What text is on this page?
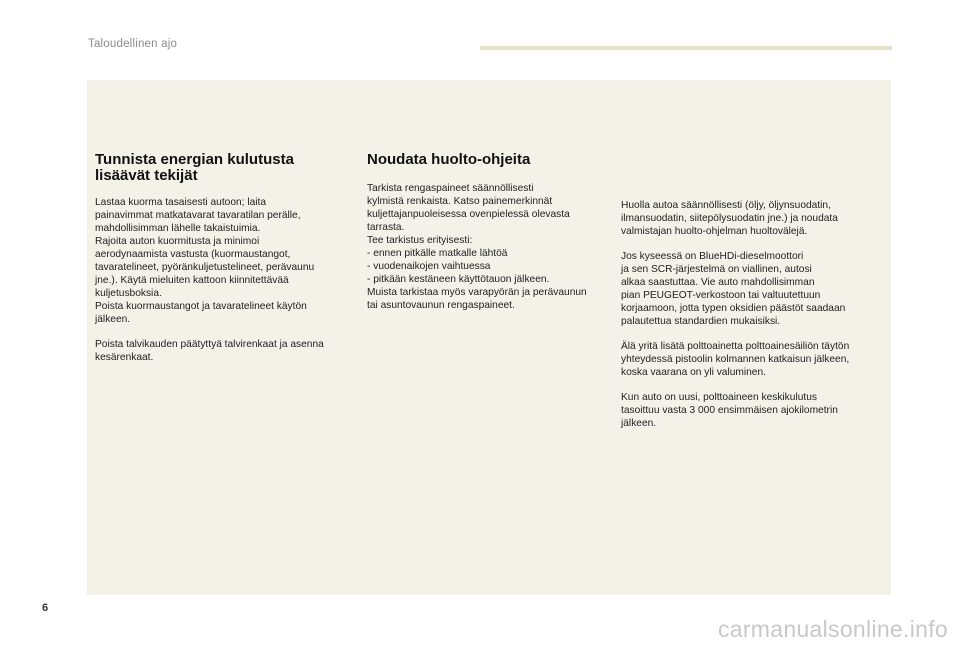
Taloudellinen ajo
Tunnista energian kulutusta
lisäävät tekijät

Lastaa kuorma tasaisesti autoon; laita
painavimmat matkatavarat tavaratilan perälle,
mahdollisimman lähelle takaistuimia.
Rajoita auton kuormitusta ja minimoi
aerodynaamista vastusta (kuormaustangot,
tavaratelineet, pyöränkuljetustelineet, perävaunu
jne.). Käytä mieluiten kattoon kiinnitettävää
kuljetusboksia.
Poista kuormaustangot ja tavaratelineet käytön
jälkeen.

Poista talvikauden päätyttyä talvirenkaat ja asenna
kesärenkaat.

Noudata huolto-ohjeita

Tarkista rengaspaineet säännöllisesti
kylmistä renkaista. Katso painemerkinnät
kuljettajanpuoleisessa ovenpielessä olevasta
tarrasta.
Tee tarkistus erityisesti:
- ennen pitkälle matkalle lähtöä
- vuodenaikojen vaihtuessa
- pitkään kestäneen käyttötauon jälkeen.
Muista tarkistaa myös varapyörän ja perävaunun
tai asuntovaunun rengaspaineet.

Huolla autoa säännöllisesti (öljy, öljynsuodatin,
ilmansuodatin, siitepölysuodatin jne.) ja noudata
valmistajan huolto-ohjelman huoltovälejä.

Jos kyseessä on BlueHDi-dieselmoottori
ja sen SCR-järjestelmä on viallinen, autosi
alkaa saastuttaa. Vie auto mahdollisimman
pian PEUGEOT-verkostoon tai valtuutettuun
korjaamoon, jotta typen oksidien päästöt saadaan
palautettua standardien mukaisiksi.

Älä yritä lisätä polttoainetta polttoainesäiliön täytön
yhteydessä pistoolin kolmannen katkaisun jälkeen,
koska vaarana on yli valuminen.

Kun auto on uusi, polttoaineen keskikulutus
tasoittuu vasta 3 000 ensimmäisen ajokilometrin
jälkeen.

6
carmanualsonline.info
